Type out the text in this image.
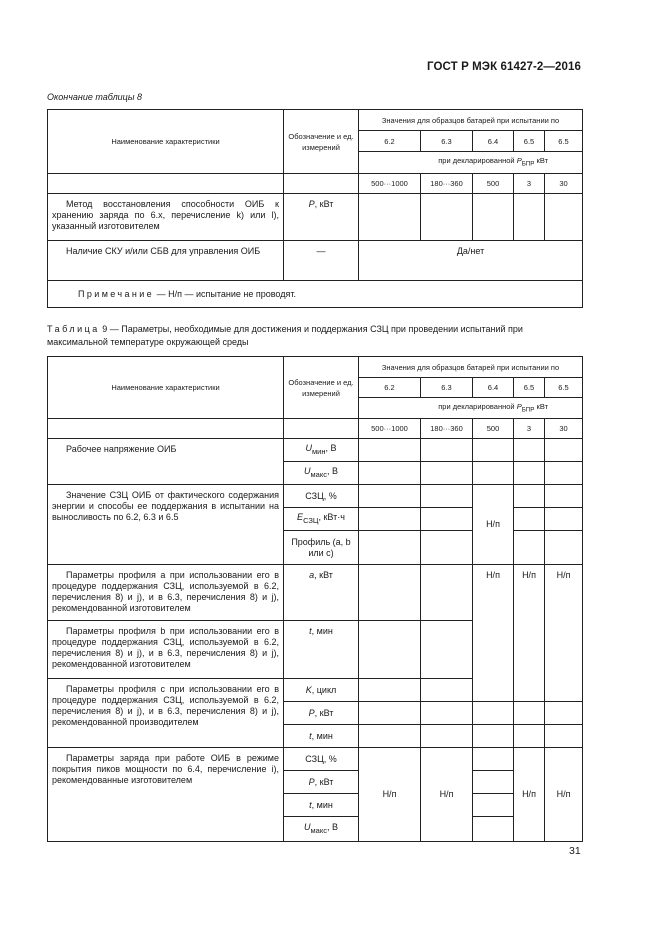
ГОСТ Р МЭК 61427-2—2016
Окончание таблицы 8
Наименование характеристики	Обозначение и ед. измерений	Значения для образцов батарей при испытании по				
		6.2	6.3	6.4	6.5	6.5
		при декларированной $P_{БПР}$ кВт				
		500···1000	180···360	500	3	30
Метод восстановления способности ОИБ к хранению заряда по 6.x, перечисление k) или l), указанный изготовителем	P, кВт					
Наличие СКУ и/или СБВ для управления ОИБ	—	Да/нет				
Примечание — Н/п — испытание не проводят.						
Таблица 9 — Параметры, необходимые для достижения и поддержания СЗЦ при проведении испытаний при максимальной температуре окружающей среды
Наименование характеристики	Обозначение и ед. измерений	Значения для образцов батарей при испытании по				
		6.2	6.3	6.4	6.5	6.5
		при декларированной $P_{БПР}$ кВт				
		500···1000	180···360	500	3	30
Рабочее напряжение ОИБ	$U_{мин}$, В					
	$U_{макс}$, В					
Значение СЗЦ ОИБ от фактического содержания энергии и способы ее поддержания в испытании на выносливость по 6.2, 6.3 и 6.5	СЗЦ, %			Н/п		
	$E_{СЗЦ}$, кВт·ч					
	Профиль (a, b или c)					
Параметры профиля a при использовании его в процедуре поддержания СЗЦ, используемой в 6.2, перечисления 8) и j), и в 6.3, перечисления 8) и j), рекомендованной изготовителем	a, кВт			Н/п	Н/п	Н/п
Параметры профиля b при использовании его в процедуре поддержания СЗЦ, используемой в 6.2, перечисления 8) и j), и в 6.3, перечисления 8) и j), рекомендованной изготовителем	t, мин					
Параметры профиля с при использовании его в процедуре поддержания СЗЦ, используемой в 6.2, перечисления 8) и j), и в 6.3, перечисления 8) и j), рекомендованной производителем	K, цикл					
	P, кВт					
	t, мин					
Параметры заряда при работе ОИБ в режиме покрытия пиков мощности по 6.4, перечисление i), рекомендованные изготовителем	СЗЦ, %	Н/п	Н/п		Н/п	Н/п
	P, кВт					
	t, мин					
	$U_{макс}$, В					
31
